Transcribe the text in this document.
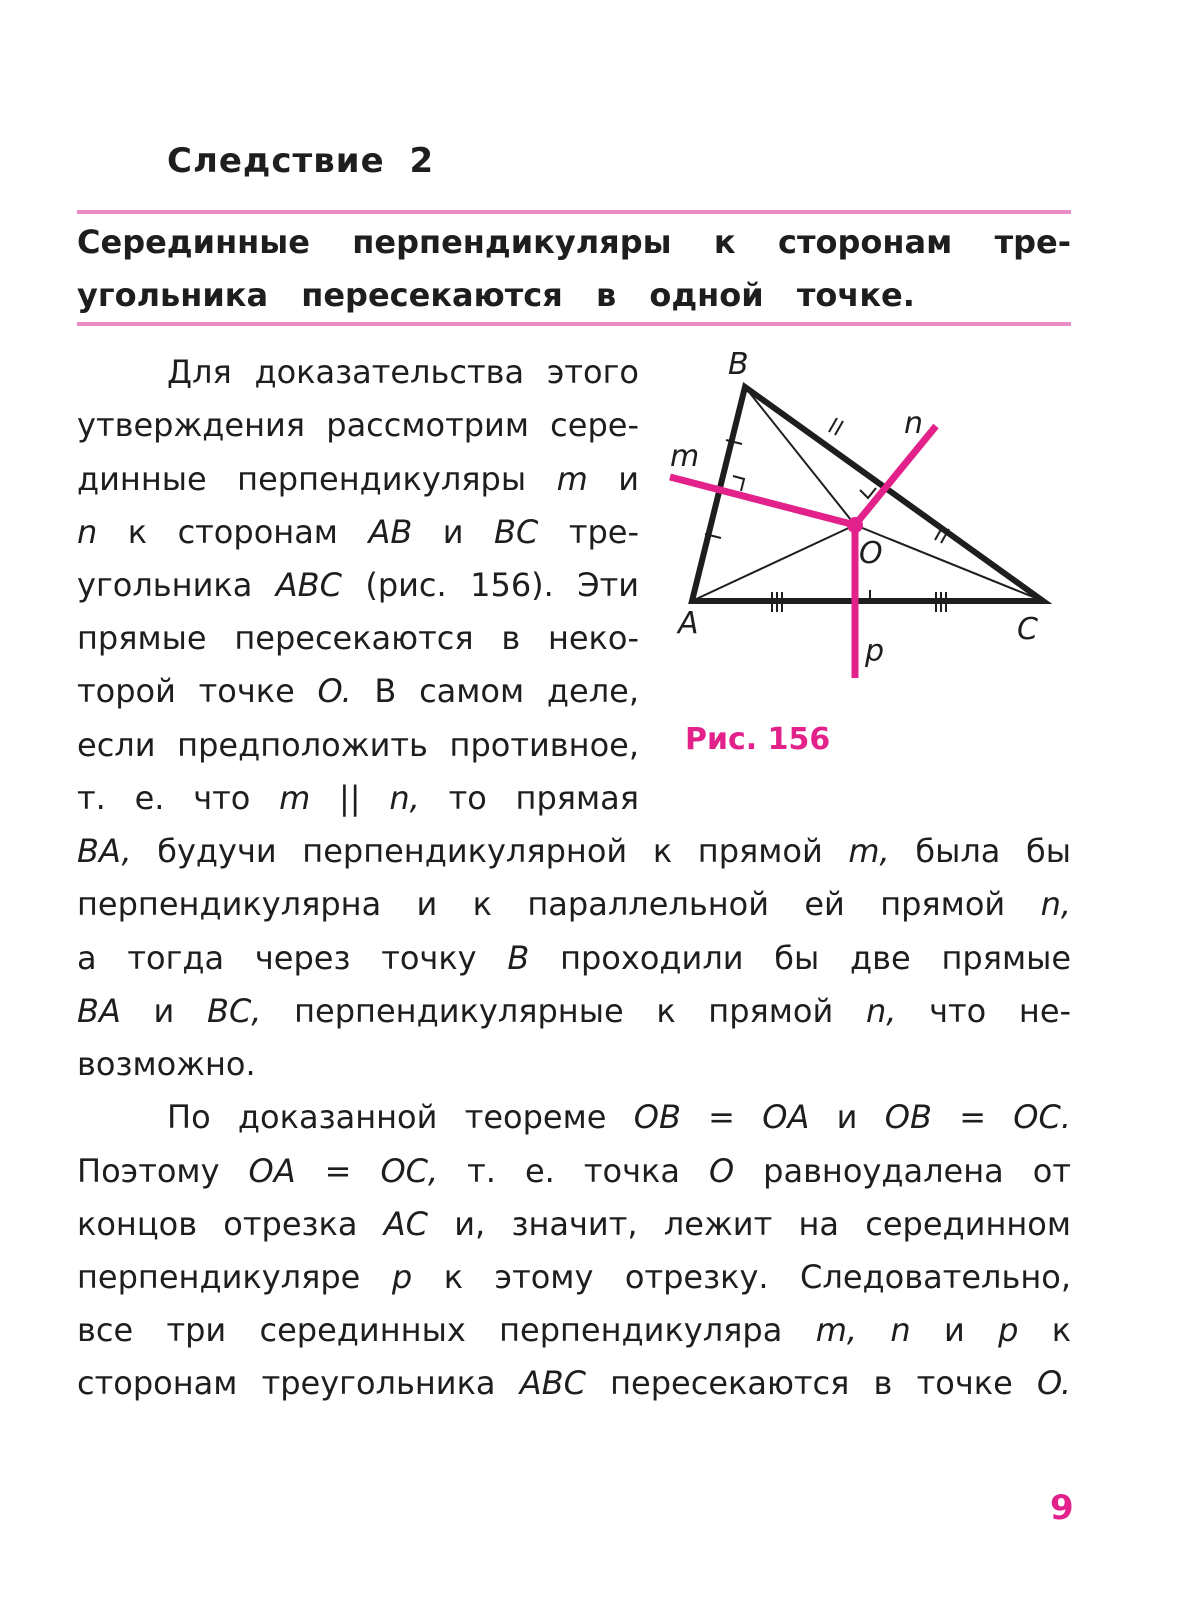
Следствие 2
Серединные перпендикуляры к сторонам тре-
угольника пересекаются в одной точке.
Для доказательства этого
утверждения рассмотрим сере-
динные перпендикуляры m и
n к сторонам AB и BC тре-
угольника ABC (рис. 156). Эти
прямые пересекаются в неко-
торой точке O. В самом деле,
если предположить противное,
т. е. что m || n, то прямая
BA, будучи перпендикулярной к прямой m, была бы
перпендикулярна и к параллельной ей прямой n,
а тогда через точку B проходили бы две прямые
BA и BC, перпендикулярные к прямой n, что не-
возможно.
По доказанной теореме OB = OA и OB = OC.
Поэтому OA = OC, т. е. точка O равноудалена от
концов отрезка AC и, значит, лежит на серединном
перпендикуляре p к этому отрезку. Следовательно,
все три серединных перпендикуляра m, n и p к
сторонам треугольника ABC пересекаются в точке O.
B
A	C
O
m
n
p
Рис. 156
9
